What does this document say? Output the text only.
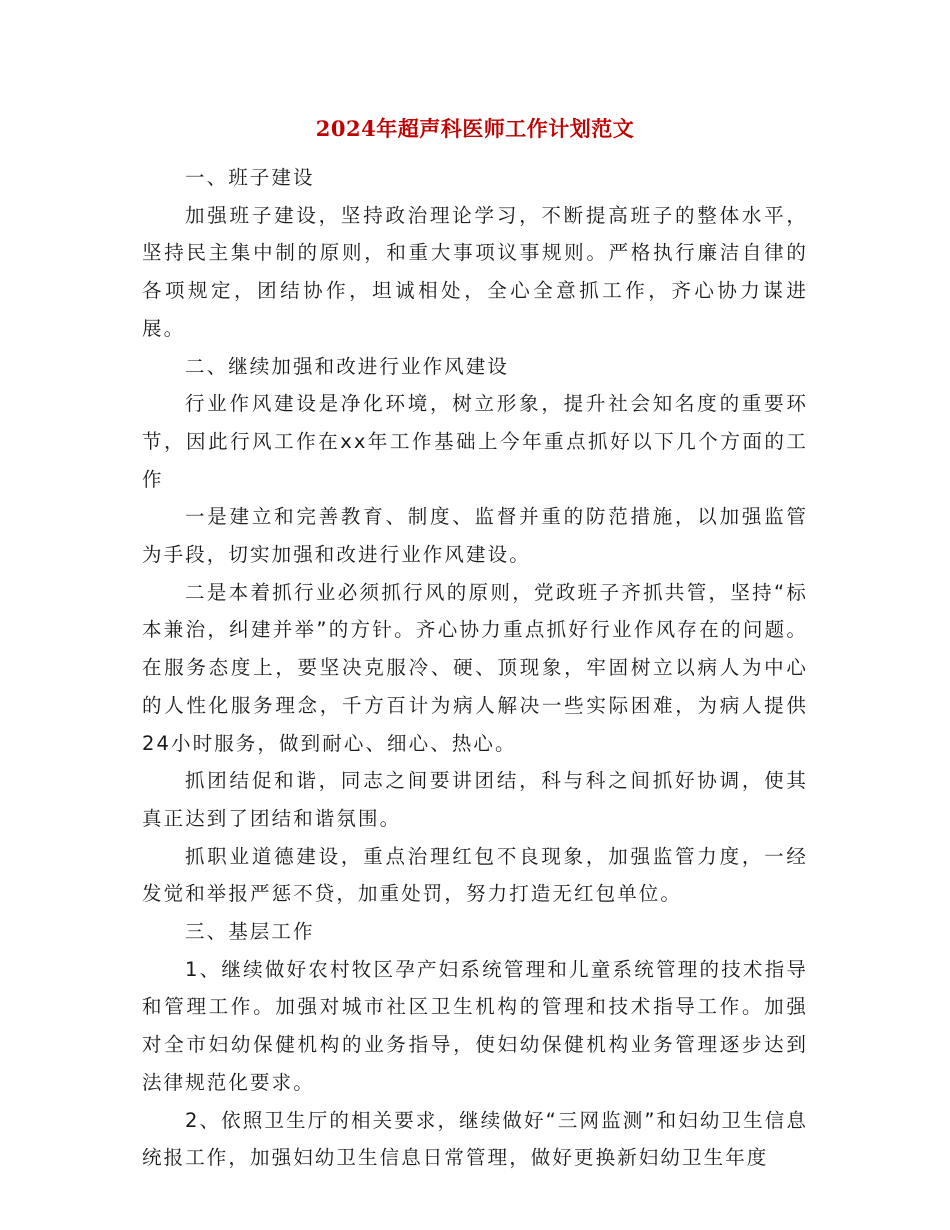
2024年超声科医师工作计划范文

一、班子建设

加强班子建设，坚持政治理论学习，不断提高班子的整体水平，坚持民主集中制的原则，和重大事项议事规则。严格执行廉洁自律的各项规定，团结协作，坦诚相处，全心全意抓工作，齐心协力谋进展。

二、继续加强和改进行业作风建设

行业作风建设是净化环境，树立形象，提升社会知名度的重要环节，因此行风工作在xx年工作基础上今年重点抓好以下几个方面的工作

一是建立和完善教育、制度、监督并重的防范措施，以加强监管为手段，切实加强和改进行业作风建设。

二是本着抓行业必须抓行风的原则，党政班子齐抓共管，坚持“标本兼治，纠建并举”的方针。齐心协力重点抓好行业作风存在的问题。在服务态度上，要坚决克服冷、硬、顶现象，牢固树立以病人为中心的人性化服务理念，千方百计为病人解决一些实际困难，为病人提供24小时服务，做到耐心、细心、热心。

抓团结促和谐，同志之间要讲团结，科与科之间抓好协调，使其真正达到了团结和谐氛围。

抓职业道德建设，重点治理红包不良现象，加强监管力度，一经发觉和举报严惩不贷，加重处罚，努力打造无红包单位。

三、基层工作

1、继续做好农村牧区孕产妇系统管理和儿童系统管理的技术指导和管理工作。加强对城市社区卫生机构的管理和技术指导工作。加强对全市妇幼保健机构的业务指导，使妇幼保健机构业务管理逐步达到法律规范化要求。

2、依照卫生厅的相关要求，继续做好“三网监测”和妇幼卫生信息统报工作，加强妇幼卫生信息日常管理，做好更换新妇幼卫生年度
